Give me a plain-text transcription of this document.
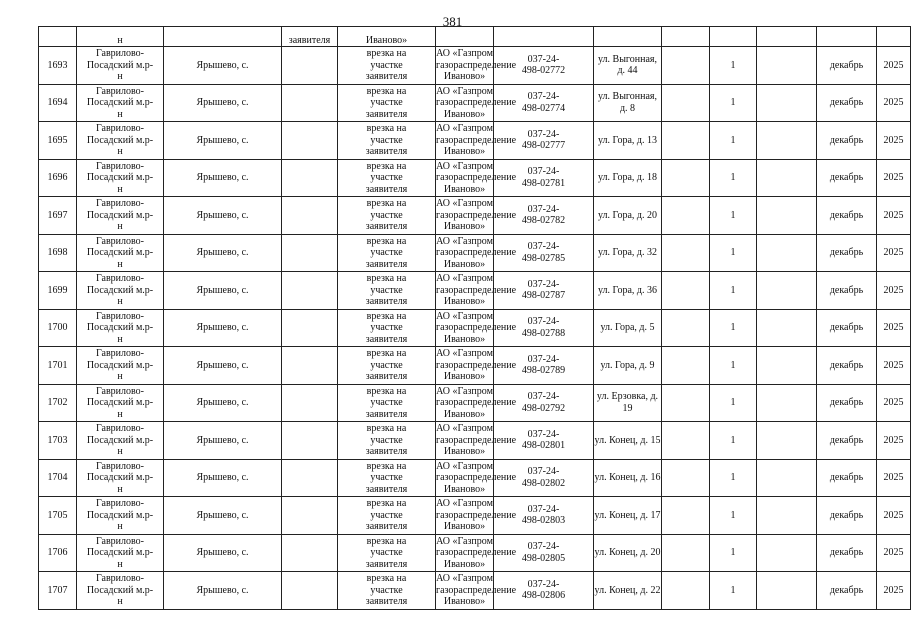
381
	н		заявителя	Иваново»								
1693	Гаврилово-
Посадский м.р-
н	Ярышево, с.		врезка на
участке
заявителя	АО «Газпром
газораспределение
Иваново»	037-24-
498-02772	ул. Выгонная, д. 44		1		декабрь	2025
1694	Гаврилово-
Посадский м.р-
н	Ярышево, с.		врезка на
участке
заявителя	АО «Газпром
газораспределение
Иваново»	037-24-
498-02774	ул. Выгонная, д. 8		1		декабрь	2025
1695	Гаврилово-
Посадский м.р-
н	Ярышево, с.		врезка на
участке
заявителя	АО «Газпром
газораспределение
Иваново»	037-24-
498-02777	ул. Гора, д. 13		1		декабрь	2025
1696	Гаврилово-
Посадский м.р-
н	Ярышево, с.		врезка на
участке
заявителя	АО «Газпром
газораспределение
Иваново»	037-24-
498-02781	ул. Гора, д. 18		1		декабрь	2025
1697	Гаврилово-
Посадский м.р-
н	Ярышево, с.		врезка на
участке
заявителя	АО «Газпром
газораспределение
Иваново»	037-24-
498-02782	ул. Гора, д. 20		1		декабрь	2025
1698	Гаврилово-
Посадский м.р-
н	Ярышево, с.		врезка на
участке
заявителя	АО «Газпром
газораспределение
Иваново»	037-24-
498-02785	ул. Гора, д. 32		1		декабрь	2025
1699	Гаврилово-
Посадский м.р-
н	Ярышево, с.		врезка на
участке
заявителя	АО «Газпром
газораспределение
Иваново»	037-24-
498-02787	ул. Гора, д. 36		1		декабрь	2025
1700	Гаврилово-
Посадский м.р-
н	Ярышево, с.		врезка на
участке
заявителя	АО «Газпром
газораспределение
Иваново»	037-24-
498-02788	ул. Гора, д. 5		1		декабрь	2025
1701	Гаврилово-
Посадский м.р-
н	Ярышево, с.		врезка на
участке
заявителя	АО «Газпром
газораспределение
Иваново»	037-24-
498-02789	ул. Гора, д. 9		1		декабрь	2025
1702	Гаврилово-
Посадский м.р-
н	Ярышево, с.		врезка на
участке
заявителя	АО «Газпром
газораспределение
Иваново»	037-24-
498-02792	ул. Ерзовка, д. 19		1		декабрь	2025
1703	Гаврилово-
Посадский м.р-
н	Ярышево, с.		врезка на
участке
заявителя	АО «Газпром
газораспределение
Иваново»	037-24-
498-02801	ул. Конец, д. 15		1		декабрь	2025
1704	Гаврилово-
Посадский м.р-
н	Ярышево, с.		врезка на
участке
заявителя	АО «Газпром
газораспределение
Иваново»	037-24-
498-02802	ул. Конец, д. 16		1		декабрь	2025
1705	Гаврилово-
Посадский м.р-
н	Ярышево, с.		врезка на
участке
заявителя	АО «Газпром
газораспределение
Иваново»	037-24-
498-02803	ул. Конец, д. 17		1		декабрь	2025
1706	Гаврилово-
Посадский м.р-
н	Ярышево, с.		врезка на
участке
заявителя	АО «Газпром
газораспределение
Иваново»	037-24-
498-02805	ул. Конец, д. 20		1		декабрь	2025
1707	Гаврилово-
Посадский м.р-
н	Ярышево, с.		врезка на
участке
заявителя	АО «Газпром
газораспределение
Иваново»	037-24-
498-02806	ул. Конец, д. 22		1		декабрь	2025
